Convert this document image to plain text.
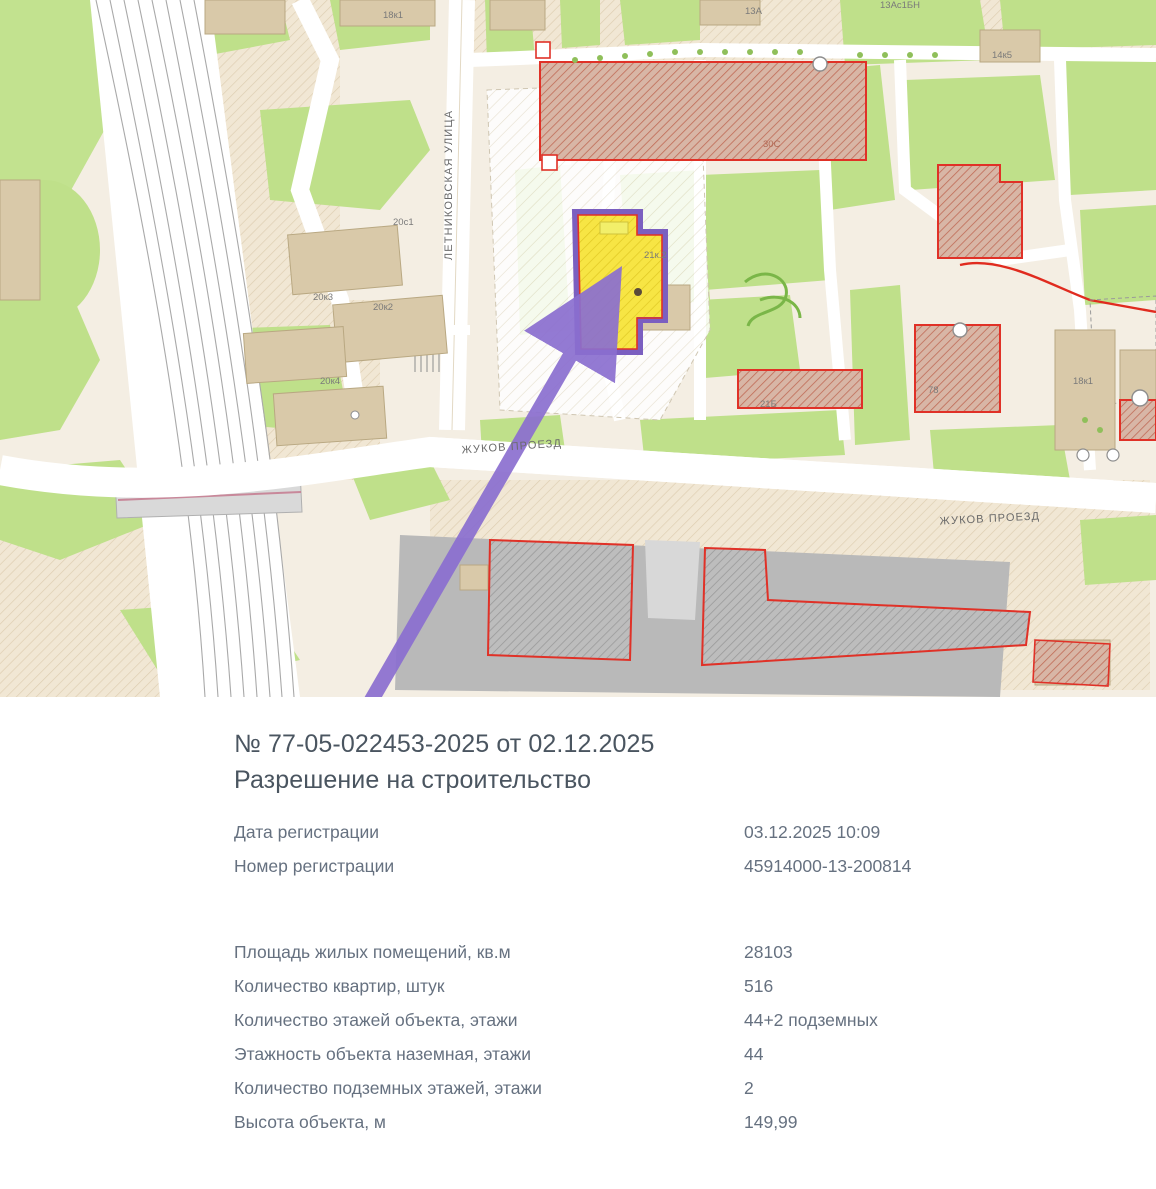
ЛЕТНИКОВСКАЯ УЛИЦА
ЖУКОВ ПРОЕЗД
ЖУКОВ ПРОЕЗД
18к1	13А
13Ас1БН
14к5
20с1
20к3
20к2
20к4
21к.2
21Б
78
18к1
30С
№ 77-05-022453-2025 от 02.12.2025
Разрешение на строительство
Дата регистрации	03.12.2025 10:09
Номер регистрации	45914000-13-200814
Площадь жилых помещений, кв.м	28103
Количество квартир, штук	516
Количество этажей объекта, этажи	44+2 подземных
Этажность объекта наземная, этажи	44
Количество подземных этажей, этажи	2
Высота объекта, м	149,99
